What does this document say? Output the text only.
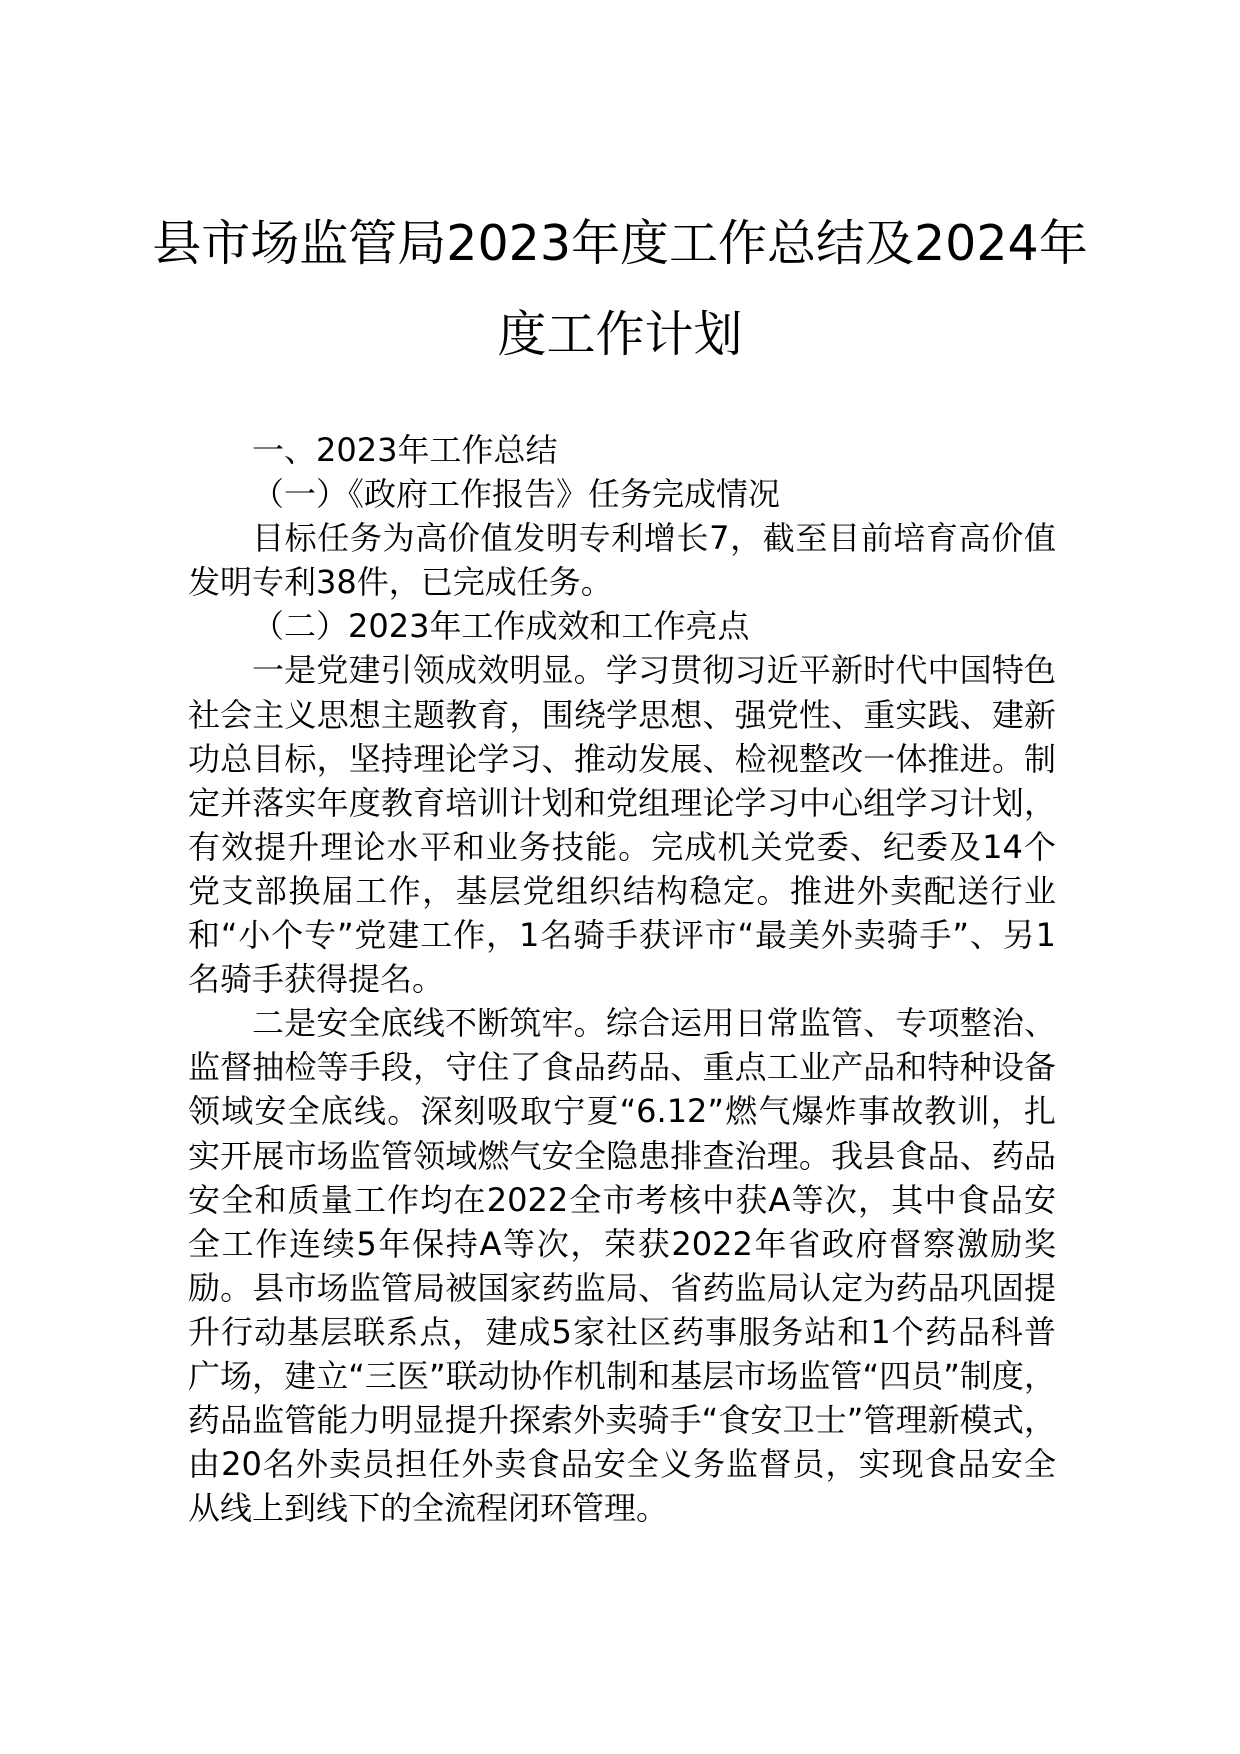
县市场监管局2023年度工作总结及2024年
度工作计划

一、2023年工作总结

（一）《政府工作报告》任务完成情况

目标任务为高价值发明专利增长7，截至目前培育高价值发明专利38件，已完成任务。

（二）2023年工作成效和工作亮点

一是党建引领成效明显。学习贯彻习近平新时代中国特色社会主义思想主题教育，围绕学思想、强党性、重实践、建新功总目标，坚持理论学习、推动发展、检视整改一体推进。制定并落实年度教育培训计划和党组理论学习中心组学习计划，有效提升理论水平和业务技能。完成机关党委、纪委及14个党支部换届工作，基层党组织结构稳定。推进外卖配送行业和“小个专”党建工作，1名骑手获评市“最美外卖骑手”、另1名骑手获得提名。

二是安全底线不断筑牢。综合运用日常监管、专项整治、监督抽检等手段，守住了食品药品、重点工业产品和特种设备领域安全底线。深刻吸取宁夏“6.12”燃气爆炸事故教训，扎实开展市场监管领域燃气安全隐患排查治理。我县食品、药品安全和质量工作均在2022全市考核中获A等次，其中食品安全工作连续5年保持A等次，荣获2022年省政府督察激励奖励。县市场监管局被国家药监局、省药监局认定为药品巩固提升行动基层联系点，建成5家社区药事服务站和1个药品科普广场，建立“三医”联动协作机制和基层市场监管“四员”制度，药品监管能力明显提升探索外卖骑手“食安卫士”管理新模式，由20名外卖员担任外卖食品安全义务监督员，实现食品安全从线上到线下的全流程闭环管理。
